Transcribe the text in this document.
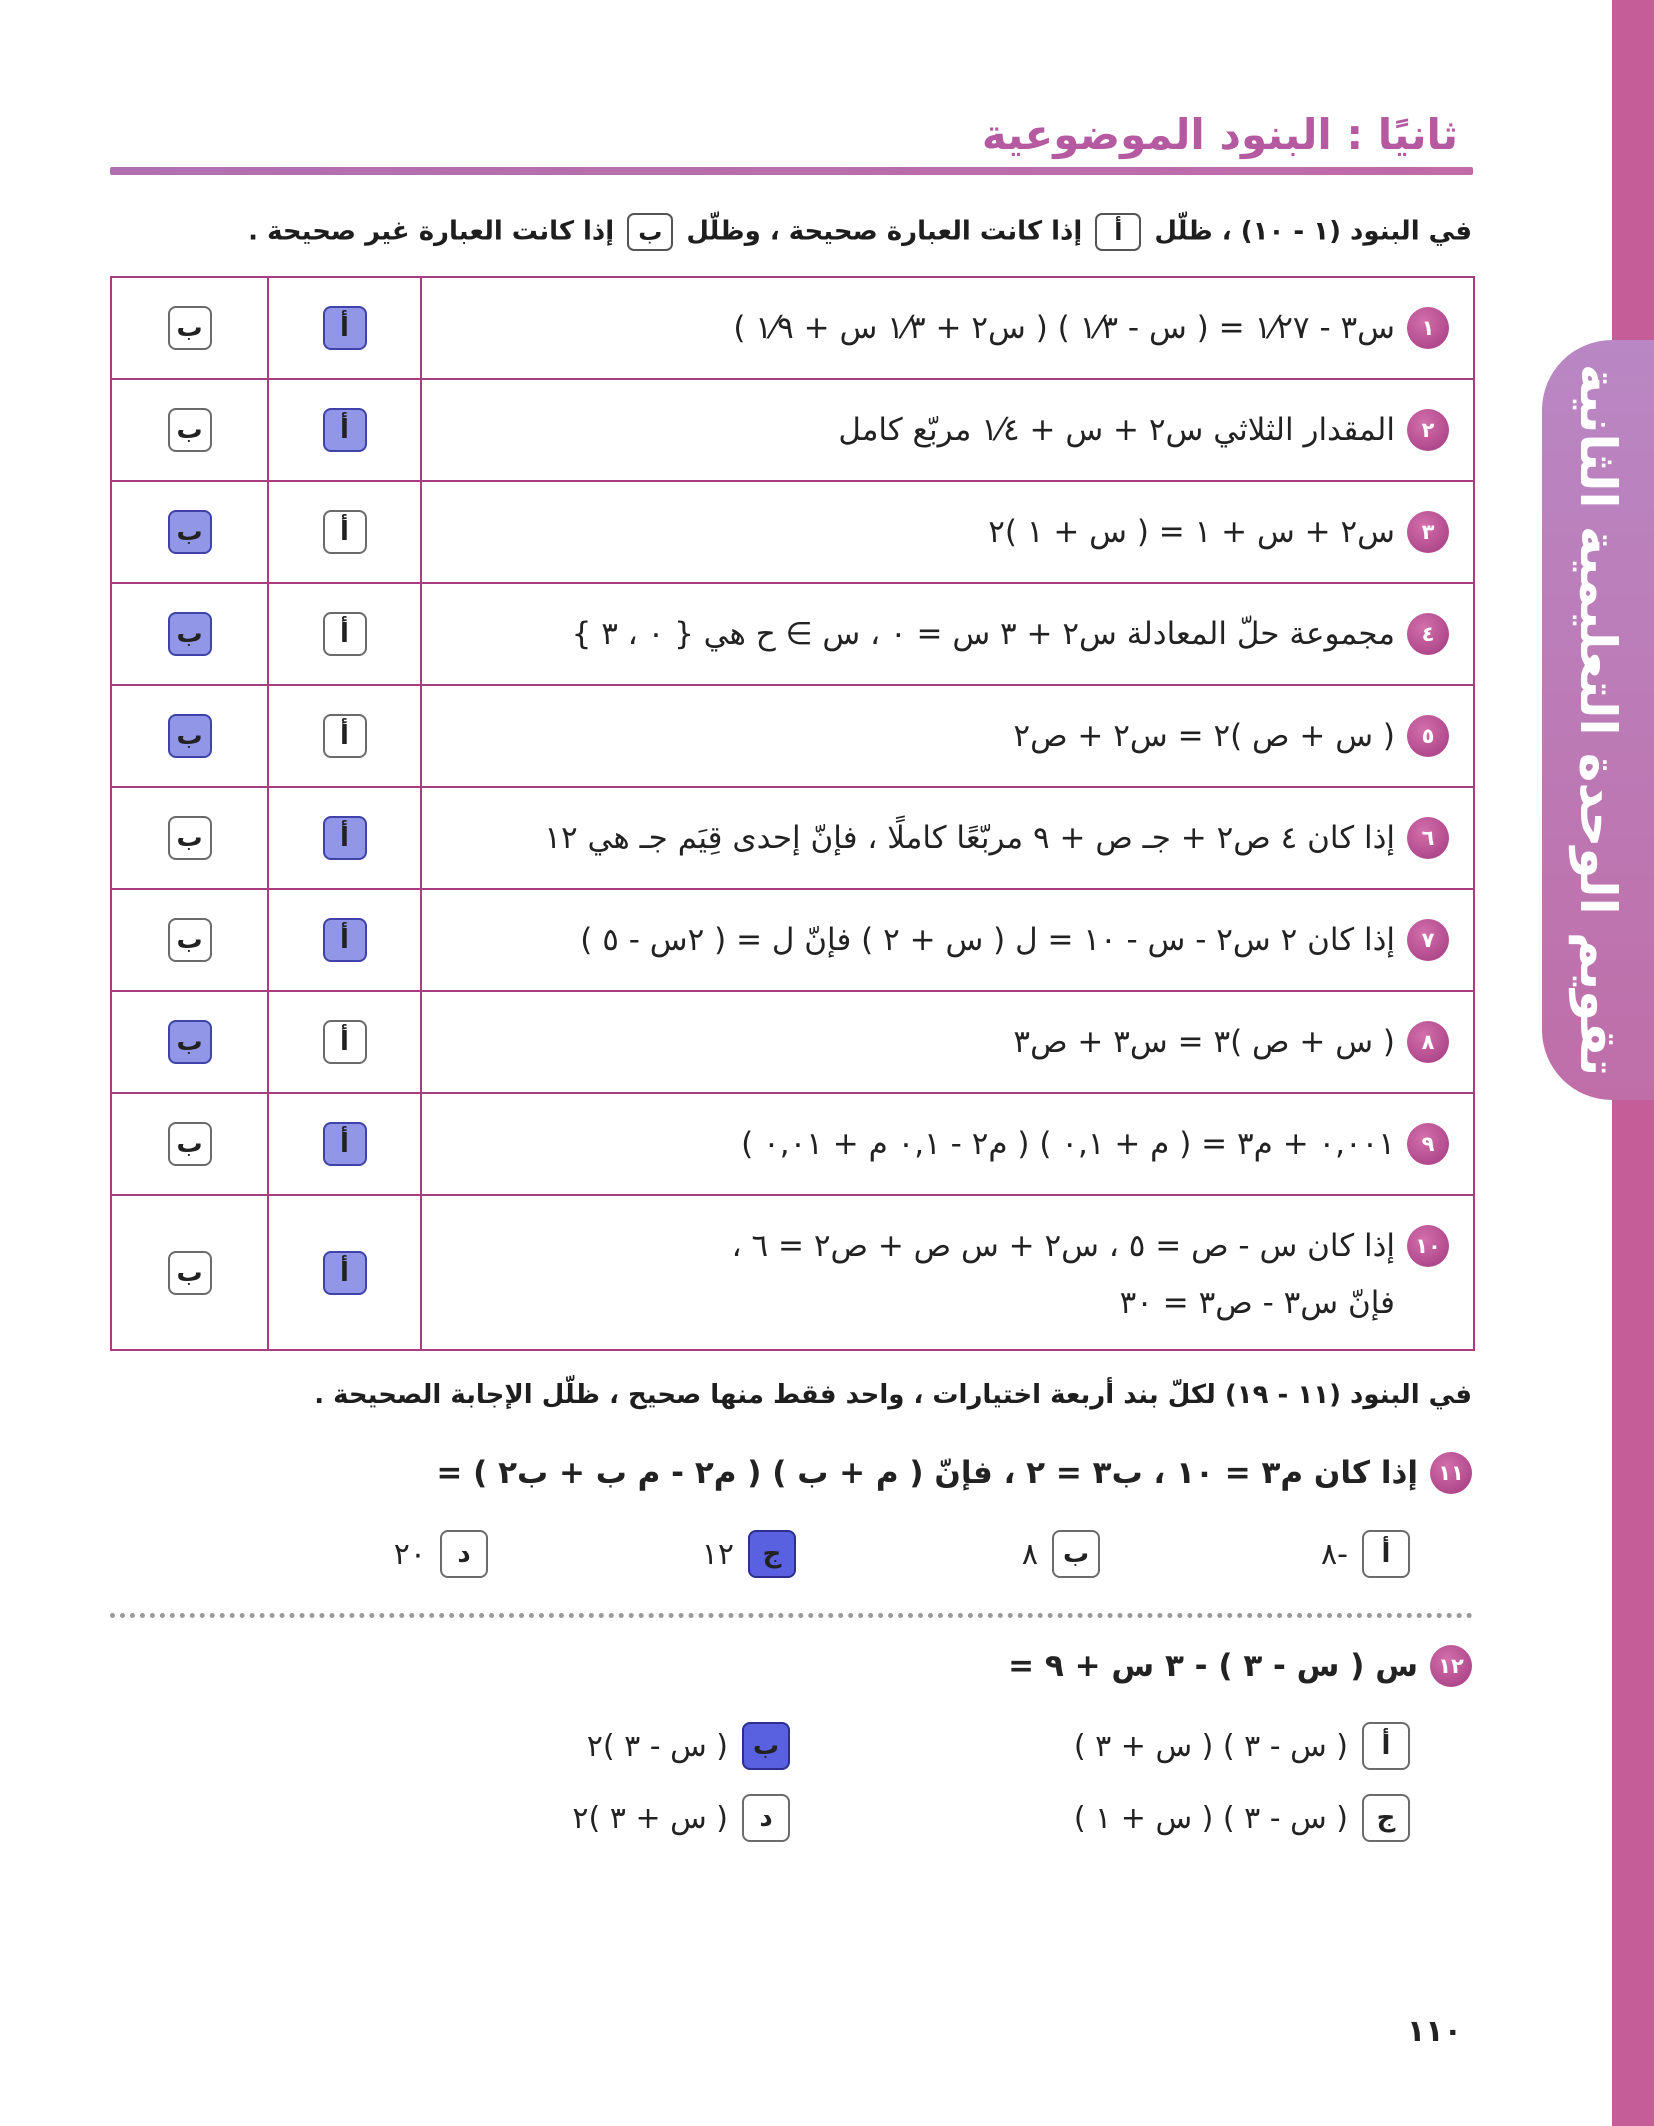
تقويم الوحدة التعليمية الثانية
ثانيًا : البنود الموضوعية

في البنود (١ - ١٠) ، ظلّل أ إذا كانت العبارة صحيحة ، وظلّل ب إذا كانت العبارة غير صحيحة .

١
س٣ - ١⁄٢٧ = ( س - ١⁄٣ ) ( س٢ + ١⁄٣ س + ١⁄٩ )	أ	ب

٢
المقدار الثلاثي س٢ + س + ١⁄٤ مربّع كامل	أ	ب

٣
س٢ + س + ١ = ( س + ١ )٢	أ	ب

٤
مجموعة حلّ المعادلة س٢ + ٣ س = ٠ ، س ∋ ح هي { ٠ ، ٣ }	أ	ب

٥
( س + ص )٢ = س٢ + ص٢	أ	ب

٦
إذا كان ٤ ص٢ + جـ ص + ٩ مربّعًا كاملًا ، فإنّ إحدى قِيَم جـ هي ١٢	أ	ب

٧
إذا كان ٢ س٢ - س - ١٠ = ل ( س + ٢ ) فإنّ ل = ( ٢س - ٥ )	أ	ب

٨
( س + ص )٣ = س٣ + ص٣	أ	ب

٩
٠,٠٠١ + م٣ = ( م + ٠,١ ) ( م٢ - ٠,١ م + ٠,٠١ )	أ	ب

١٠
إذا كان س - ص = ٥ ، س٢ + س ص + ص٢ = ٦ ،
فإنّ س٣ - ص٣ = ٣٠	أ	ب

في البنود (١١ - ١٩) لكلّ بند أربعة اختيارات ، واحد فقط منها صحيح ، ظلّل الإجابة الصحيحة .

١١
إذا كان م٣ = ١٠ ، ب٣ = ٢ ، فإنّ ( م + ب ) ( م٢ - م ب + ب٢ ) =
أ
-٨
ب
٨
ج
١٢
د
٢٠
١٢
س ( س - ٣ ) - ٣ س + ٩ =
أ
( س - ٣ ) ( س + ٣ )
ب
( س - ٣ )٢
ج
( س - ٣ ) ( س + ١ )
د
( س + ٣ )٢

١١٠
